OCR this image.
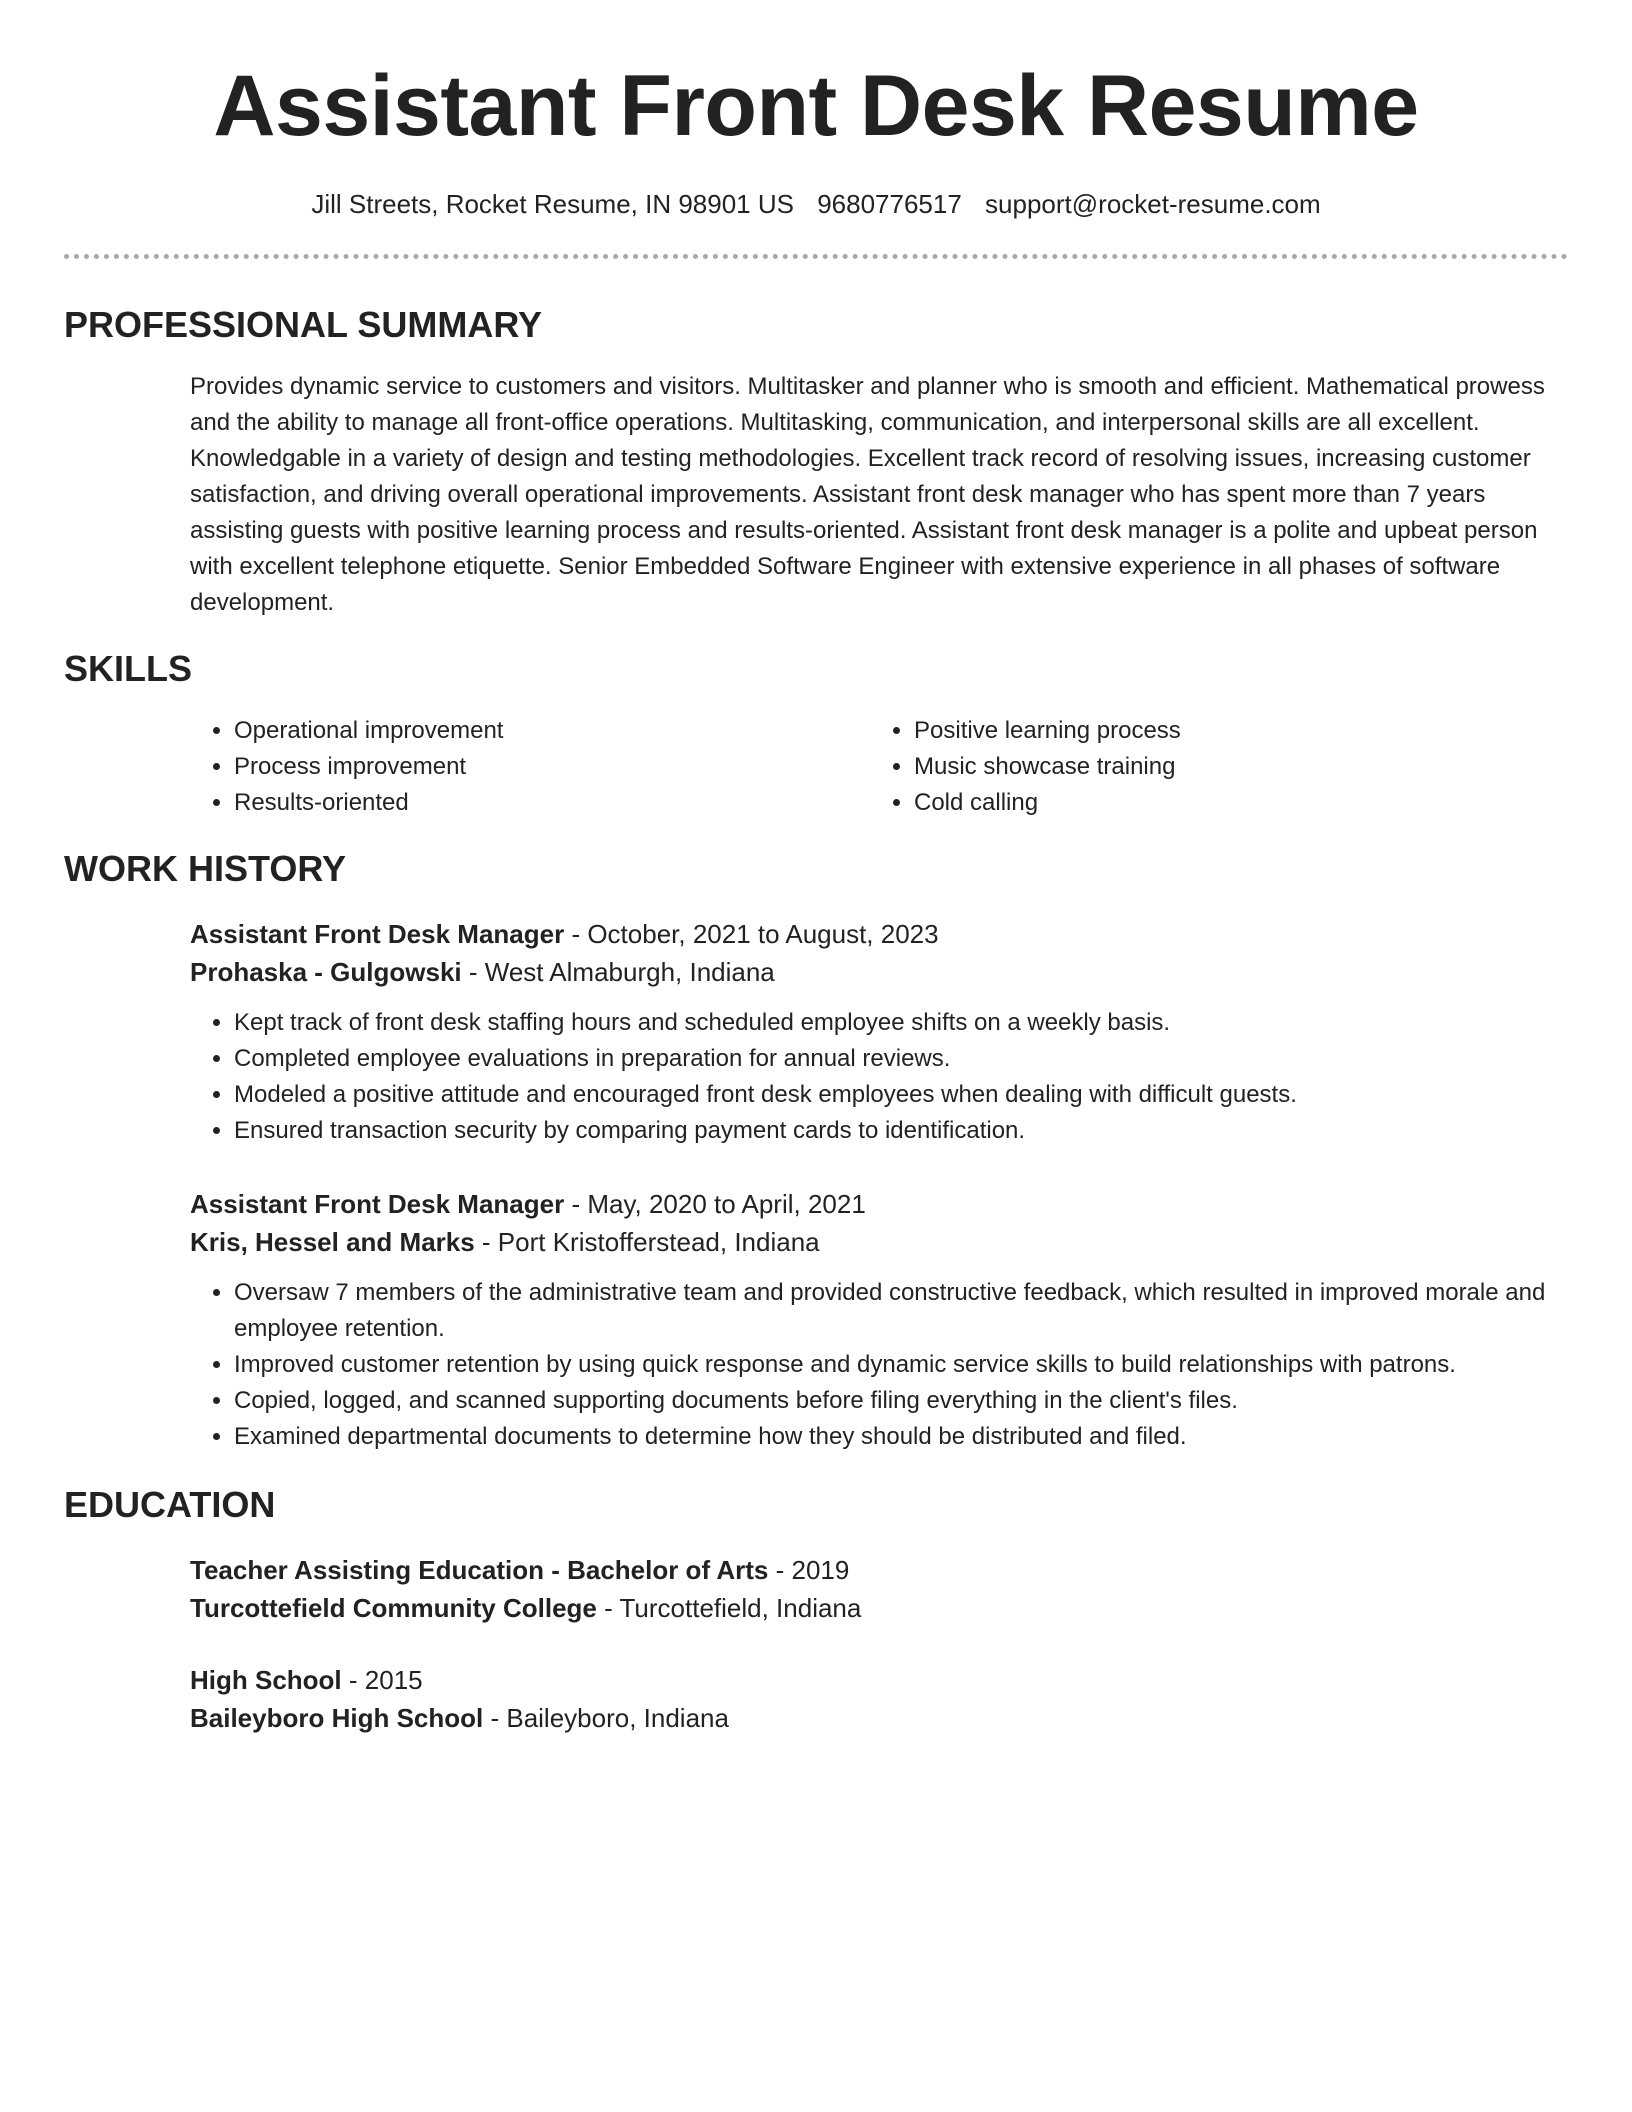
Assistant Front Desk Resume
Jill Streets, Rocket Resume, IN 98901 US 9680776517 support@rocket-resume.com
PROFESSIONAL SUMMARY

Provides dynamic service to customers and visitors. Multitasker and planner who is smooth and efficient. Mathematical prowess and the ability to manage all front-office operations. Multitasking, communication, and interpersonal skills are all excellent. Knowledgable in a variety of design and testing methodologies. Excellent track record of resolving issues, increasing customer satisfaction, and driving overall operational improvements. Assistant front desk manager who has spent more than 7 years assisting guests with positive learning process and results-oriented. Assistant front desk manager is a polite and upbeat person with excellent telephone etiquette. Senior Embedded Software Engineer with extensive experience in all phases of software development.

SKILLS
• Operational improvement
• Process improvement
• Results-oriented
• Positive learning process
• Music showcase training
• Cold calling
WORK HISTORY
Assistant Front Desk Manager - October, 2021 to August, 2023
Prohaska - Gulgowski - West Almaburgh, Indiana
• Kept track of front desk staffing hours and scheduled employee shifts on a weekly basis.
• Completed employee evaluations in preparation for annual reviews.
• Modeled a positive attitude and encouraged front desk employees when dealing with difficult guests.
• Ensured transaction security by comparing payment cards to identification.
Assistant Front Desk Manager - May, 2020 to April, 2021
Kris, Hessel and Marks - Port Kristofferstead, Indiana
• Oversaw 7 members of the administrative team and provided constructive feedback, which resulted in improved morale and employee retention.
• Improved customer retention by using quick response and dynamic service skills to build relationships with patrons.
• Copied, logged, and scanned supporting documents before filing everything in the client's files.
• Examined departmental documents to determine how they should be distributed and filed.
EDUCATION
Teacher Assisting Education - Bachelor of Arts - 2019
Turcottefield Community College - Turcottefield, Indiana
High School - 2015
Baileyboro High School - Baileyboro, Indiana
